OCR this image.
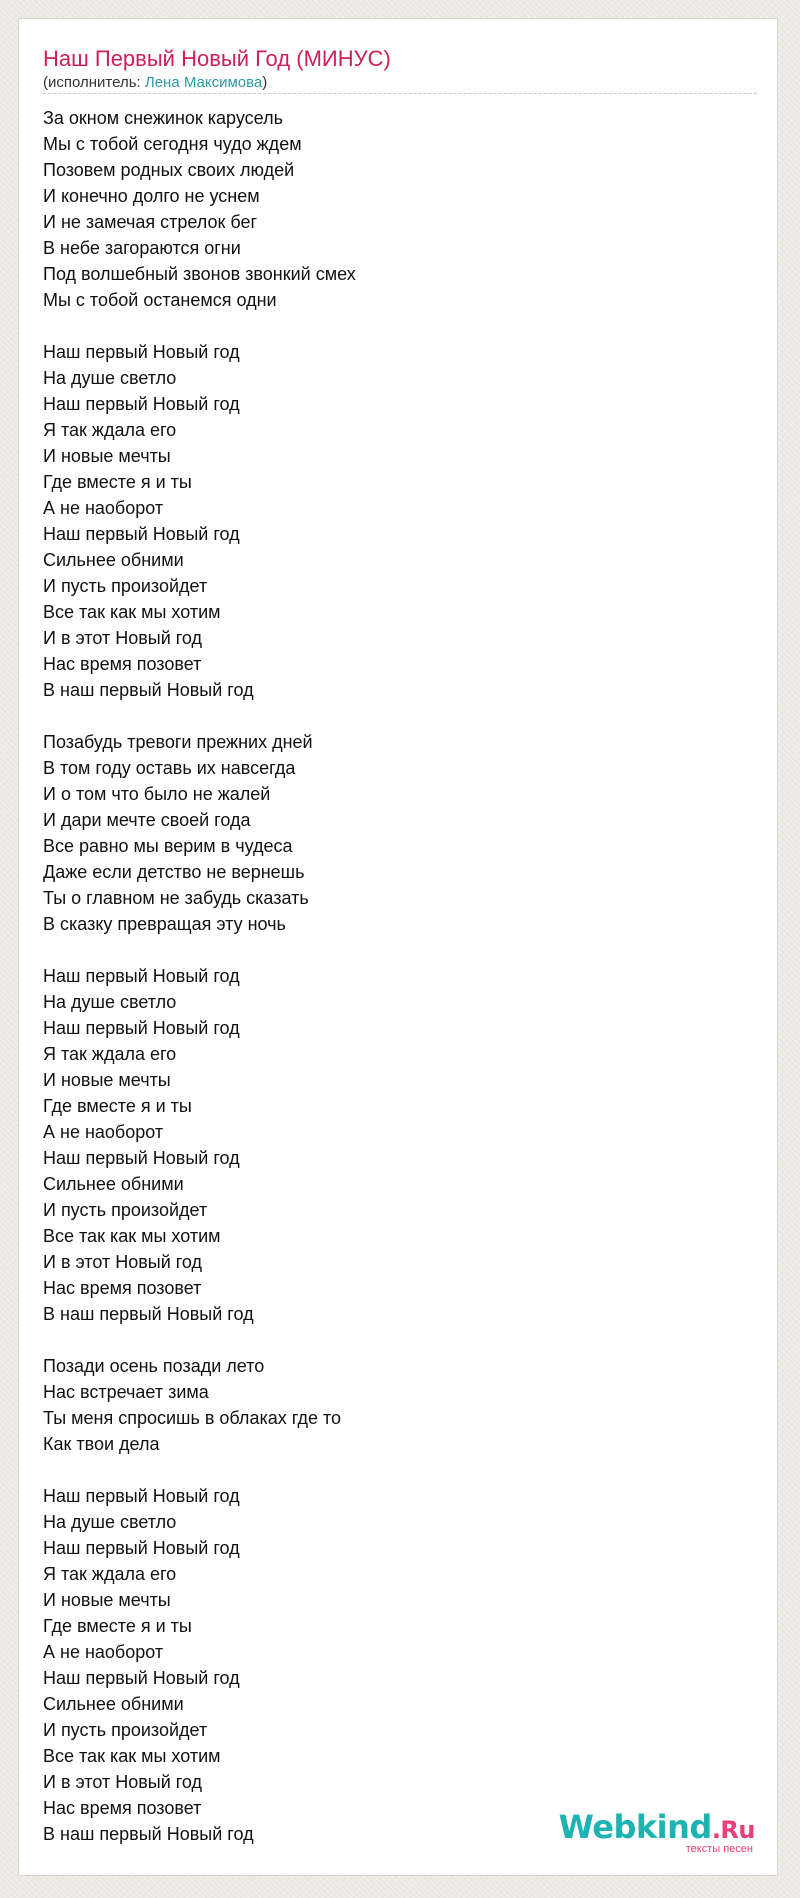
Наш Первый Новый Год (МИНУС)
(исполнитель: Лена Максимова)
За окном снежинок карусель
Мы с тобой сегодня чудо ждем
Позовем родных своих людей
И конечно долго не уснем
И не замечая стрелок бег
В небе загораются огни
Под волшебный звонов звонкий смех
Мы с тобой останемся одни
Наш первый Новый год
На душе светло
Наш первый Новый год
Я так ждала его
И новые мечты
Где вместе я и ты
А не наоборот
Наш первый Новый год
Сильнее обними
И пусть произойдет
Все так как мы хотим
И в этот Новый год
Нас время позовет
В наш первый Новый год
Позабудь тревоги прежних дней
В том году оставь их навсегда
И о том что было не жалей
И дари мечте своей года
Все равно мы верим в чудеса
Даже если детство не вернешь
Ты о главном не забудь сказать
В сказку превращая эту ночь
Наш первый Новый год
На душе светло
Наш первый Новый год
Я так ждала его
И новые мечты
Где вместе я и ты
А не наоборот
Наш первый Новый год
Сильнее обними
И пусть произойдет
Все так как мы хотим
И в этот Новый год
Нас время позовет
В наш первый Новый год
Позади осень позади лето
Нас встречает зима
Ты меня спросишь в облаках где то
Как твои дела
Наш первый Новый год
На душе светло
Наш первый Новый год
Я так ждала его
И новые мечты
Где вместе я и ты
А не наоборот
Наш первый Новый год
Сильнее обними
И пусть произойдет
Все так как мы хотим
И в этот Новый год
Нас время позовет
В наш первый Новый год	Webkind.Ru
тексты песен
